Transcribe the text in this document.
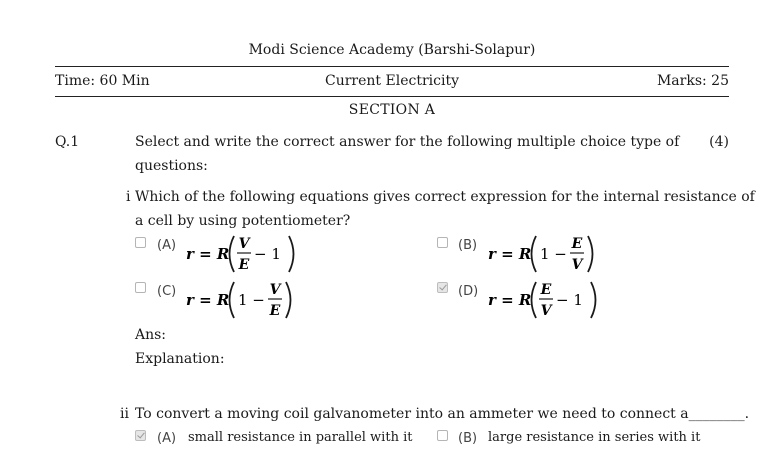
Modi Science Academy (Barshi-Solapur)
Time: 60 Min	Current Electricity	Marks: 25
SECTION A
Q.1	Select and write the correct answer for the following multiple choice type of
questions:
(4)
i Which of the following equations gives correct expression for the internal resistance of
a cell by using potentiometer?
(A) r = R
V
E
− 1	(B) r = R 1 −
E
V
(C) r = R 1 −
V
E
(D) r = R
E
V
− 1
Ans:
Explanation:
ii To convert a moving coil galvanometer into an ammeter we need to connect a________.
(A) small resistance in parallel with it	(B) large resistance in series with it
